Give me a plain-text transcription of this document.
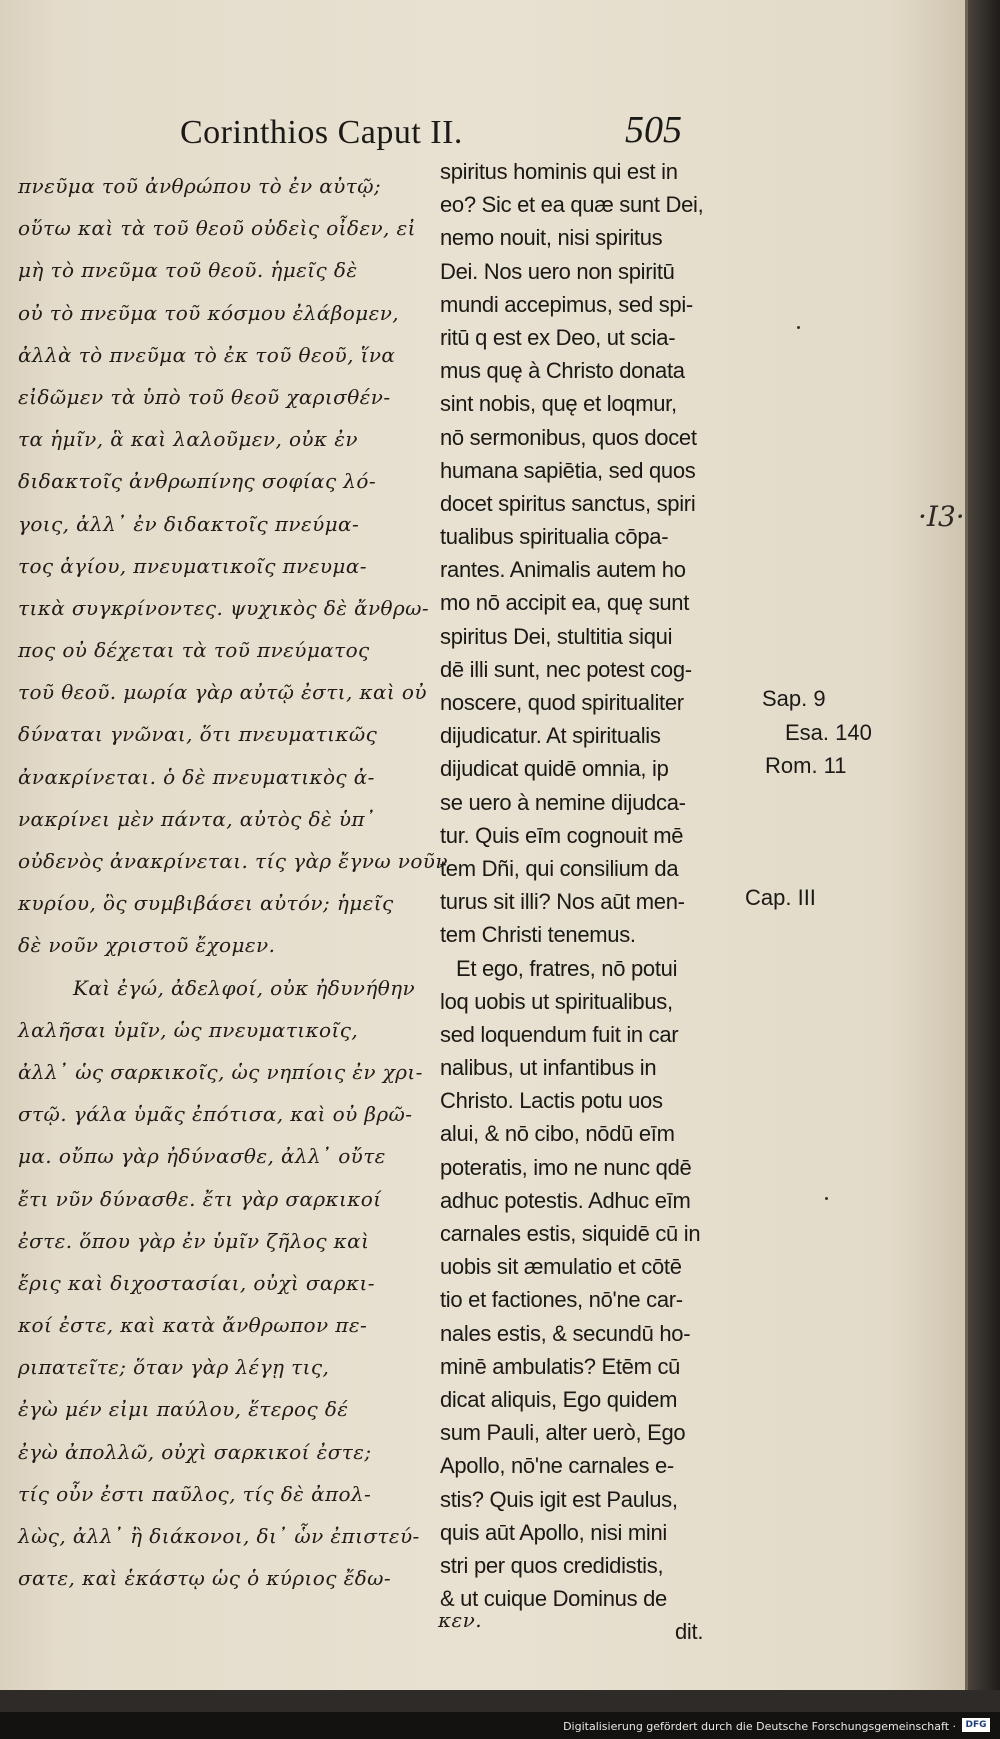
Corinthios Caput II.	505
πνεῦμα τοῦ ἀνθρώπου τὸ ἐν αὐτῷ;
οὕτω καὶ τὰ τοῦ θεοῦ οὐδεὶς οἶδεν, εἰ
μὴ τὸ πνεῦμα τοῦ θεοῦ. ἡμεῖς δὲ
οὐ τὸ πνεῦμα τοῦ κόσμου ἐλάβομεν,
ἀλλὰ τὸ πνεῦμα τὸ ἐκ τοῦ θεοῦ, ἵνα
εἰδῶμεν τὰ ὑπὸ τοῦ θεοῦ χαρισθέν-
τα ἡμῖν, ἃ καὶ λαλοῦμεν, οὐκ ἐν
διδακτοῖς ἀνθρωπίνης σοφίας λό-
γοις, ἀλλ᾽ ἐν διδακτοῖς πνεύμα-
τος ἁγίου, πνευματικοῖς πνευμα-
τικὰ συγκρίνοντες. ψυχικὸς δὲ ἄνθρω-
πος οὐ δέχεται τὰ τοῦ πνεύματος
τοῦ θεοῦ. μωρία γὰρ αὐτῷ ἐστι, καὶ οὐ
δύναται γνῶναι, ὅτι πνευματικῶς
ἀνακρίνεται. ὁ δὲ πνευματικὸς ἀ-
νακρίνει μὲν πάντα, αὐτὸς δὲ ὑπ᾽
οὐδενὸς ἀνακρίνεται. τίς γὰρ ἔγνω νοῦν
κυρίου, ὃς συμβιβάσει αὐτόν; ἡμεῖς
δὲ νοῦν χριστοῦ ἔχομεν.
Καὶ ἐγώ, ἀδελφοί, οὐκ ἠδυνήθην
λαλῆσαι ὑμῖν, ὡς πνευματικοῖς,
ἀλλ᾽ ὡς σαρκικοῖς, ὡς νηπίοις ἐν χρι-
στῷ. γάλα ὑμᾶς ἐπότισα, καὶ οὐ βρῶ-
μα. οὔπω γὰρ ἠδύνασθε, ἀλλ᾽ οὔτε
ἔτι νῦν δύνασθε. ἔτι γὰρ σαρκικοί
ἐστε. ὅπου γὰρ ἐν ὑμῖν ζῆλος καὶ
ἔρις καὶ διχοστασίαι, οὐχὶ σαρκι-
κοί ἐστε, καὶ κατὰ ἄνθρωπον πε-
ριπατεῖτε; ὅταν γὰρ λέγῃ τις,
ἐγὼ μέν εἰμι παύλου, ἕτερος δέ
ἐγὼ ἀπολλῶ, οὐχὶ σαρκικοί ἐστε;
τίς οὖν ἐστι παῦλος, τίς δὲ ἀπολ-
λὼς, ἀλλ᾽ ἢ διάκονοι, δι᾽ ὧν ἐπιστεύ-
σατε, καὶ ἑκάστῳ ὡς ὁ κύριος ἔδω-
κεν.
spiritus hominis qui est in
eo? Sic et ea quæ sunt Dei,
nemo nouit, nisi spiritus
Dei. Nos uero non spiritū
mundi accepimus, sed spi-
ritū q est ex Deo, ut scia-
mus quę à Christo donata
sint nobis, quę et loqmur,
nō sermonibus, quos docet
humana sapiētia, sed quos
docet spiritus sanctus, spiri
tualibus spiritualia cōpa-
rantes. Animalis autem ho
mo nō accipit ea, quę sunt
spiritus Dei, stultitia siqui
dē illi sunt, nec potest cog-
noscere, quod spiritualiter
dijudicatur. At spiritualis
dijudicat quidē omnia, ip
se uero à nemine dijudca-
tur. Quis eīm cognouit mē
tem Dñi, qui consilium da
turus sit illi? Nos aūt men-
tem Christi tenemus.
Et ego, fratres, nō potui
loq uobis ut spiritualibus,
sed loquendum fuit in car
nalibus, ut infantibus in
Christo. Lactis potu uos
alui, & nō cibo, nōdū eīm
poteratis, imo ne nunc qdē
adhuc potestis. Adhuc eīm
carnales estis, siquidē cū in
uobis sit æmulatio et cōtē
tio et factiones, nō'ne car-
nales estis, & secundū ho-
minē ambulatis? Etēm cū
dicat aliquis, Ego quidem
sum Pauli, alter uerò, Ego
Apollo, nō'ne carnales e-
stis? Quis igit est Paulus,
quis aūt Apollo, nisi mini
stri per quos credidistis,
& ut cuique Dominus de
dit.
Sap. 9
Esa. 140
Rom. 11
Cap. III
·I3·
Digitalisierung gefördert durch die Deutsche Forschungsgemeinschaft ·	DFG
